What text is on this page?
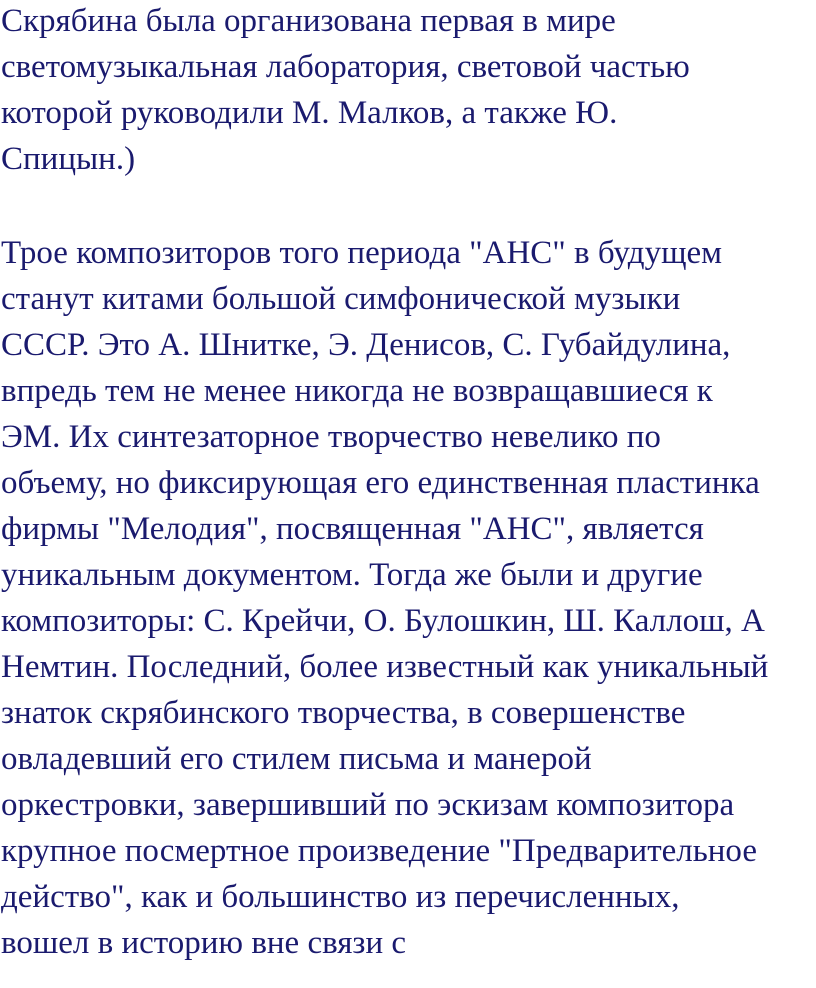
Скрябина была организована первая в мире
светомузыкальная лаборатория, световой частью
которой руководили М. Малков, а также Ю.
Спицын.)

Трое композиторов того периода "АНС" в будущем
станут китами большой симфонической музыки
СССР. Это А. Шнитке, Э. Денисов, С. Губайдулина,
впредь тем не менее никогда не возвращавшиеся к
ЭМ. Их синтезаторное творчество невелико по
объему, но фиксирующая его единственная пластинка
фирмы "Мелодия", посвященная "АНС", является
уникальным документом. Тогда же были и другие
композиторы: С. Крейчи, О. Булошкин, Ш. Каллош, А
Немтин. Последний, более известный как уникальный
знаток скрябинского творчества, в совершенстве
овладевший его стилем письма и манерой
оркестровки, завершивший по эскизам композитора
крупное посмертное произведение "Предварительное
действо", как и большинство из перечисленных,
вошел в историю вне связи с
